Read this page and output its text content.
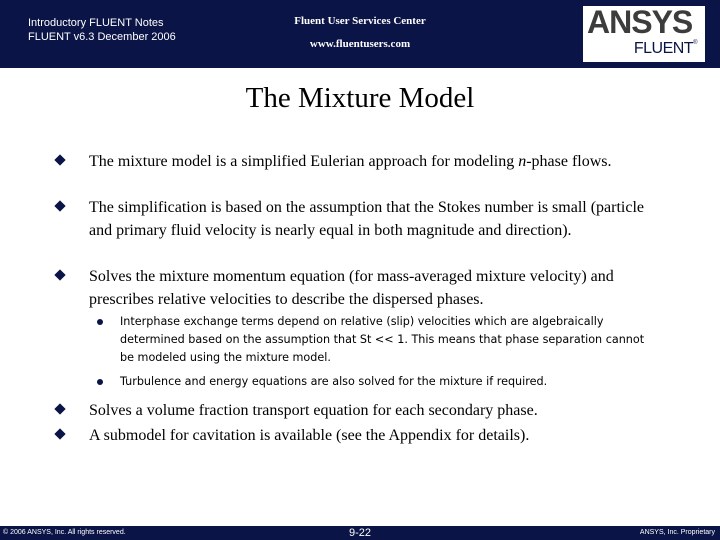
Introductory FLUENT Notes
FLUENT v6.3 December 2006
Fluent User Services Center
www.fluentusers.com
ANSYS
FLUENT®
The Mixture Model
The mixture model is a simplified Eulerian approach for modeling n-phase flows.
The simplification is based on the assumption that the Stokes number is small (particle and primary fluid velocity is nearly equal in both magnitude and direction).
Solves the mixture momentum equation (for mass-averaged mixture velocity) and prescribes relative velocities to describe the dispersed phases.
Interphase exchange terms depend on relative (slip) velocities which are algebraically determined based on the assumption that St << 1. This means that phase separation cannot be modeled using the mixture model.
Turbulence and energy equations are also solved for the mixture if required.
Solves a volume fraction transport equation for each secondary phase.
A submodel for cavitation is available (see the Appendix for details).
© 2006 ANSYS, Inc. All rights reserved.	9-22	ANSYS, Inc. Proprietary
